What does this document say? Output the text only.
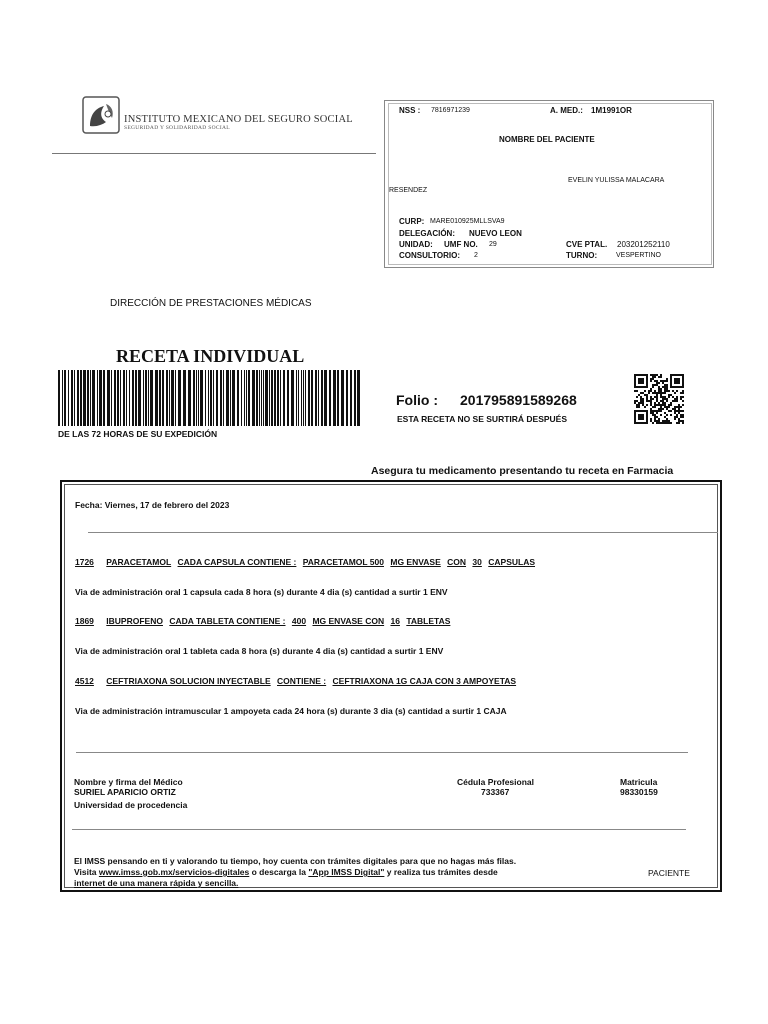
INSTITUTO MEXICANO DEL SEGURO SOCIAL
SEGURIDAD Y SOLIDARIDAD SOCIAL
NSS : 7816971239	A. MED.: 1M1991OR
NOMBRE DEL PACIENTE
EVELIN YULISSA MALACARA
RESENDEZ
CURP: MARE010925MLLSVA9
DELEGACIÓN: NUEVO LEON
UNIDAD: UMF NO. 29	CVE PTAL. 203201252110
CONSULTORIO: 2	TURNO:	VESPERTINO
DIRECCIÓN DE PRESTACIONES MÉDICAS
RECETA INDIVIDUAL
DE LAS 72 HORAS DE SU EXPEDICIÓN
Folio : 201795891589268
ESTA RECETA NO SE SURTIRÁ DESPUÉS
Asegura tu medicamento presentando tu receta en Farmacia
Fecha: Viernes, 17 de febrero del 2023
1726 PARACETAMOL CADA CAPSULA CONTIENE : PARACETAMOL 500 MG ENVASE CON 30 CAPSULAS
Via de administración oral 1 capsula cada 8 hora (s) durante 4 dia (s) cantidad a surtir 1 ENV
1869 IBUPROFENO CADA TABLETA CONTIENE : 400 MG ENVASE CON 16 TABLETAS
Via de administración oral 1 tableta cada 8 hora (s) durante 4 dia (s) cantidad a surtir 1 ENV
4512 CEFTRIAXONA SOLUCION INYECTABLE CONTIENE : CEFTRIAXONA 1G CAJA CON 3 AMPOYETAS
Via de administración intramuscular 1 ampoyeta cada 24 hora (s) durante 3 dia (s) cantidad a surtir 1 CAJA
Nombre y firma del Médico
SURIEL APARICIO ORTIZ
Universidad de procedencia
Cédula Profesional
733367
Matricula
98330159
El IMSS pensando en ti y valorando tu tiempo, hoy cuenta con trámites digitales para que no hagas más filas.
Visita www.imss.gob.mx/servicios-digitales o descarga la "App IMSS Digital" y realiza tus trámites desde
internet de una manera rápida y sencilla.
PACIENTE
